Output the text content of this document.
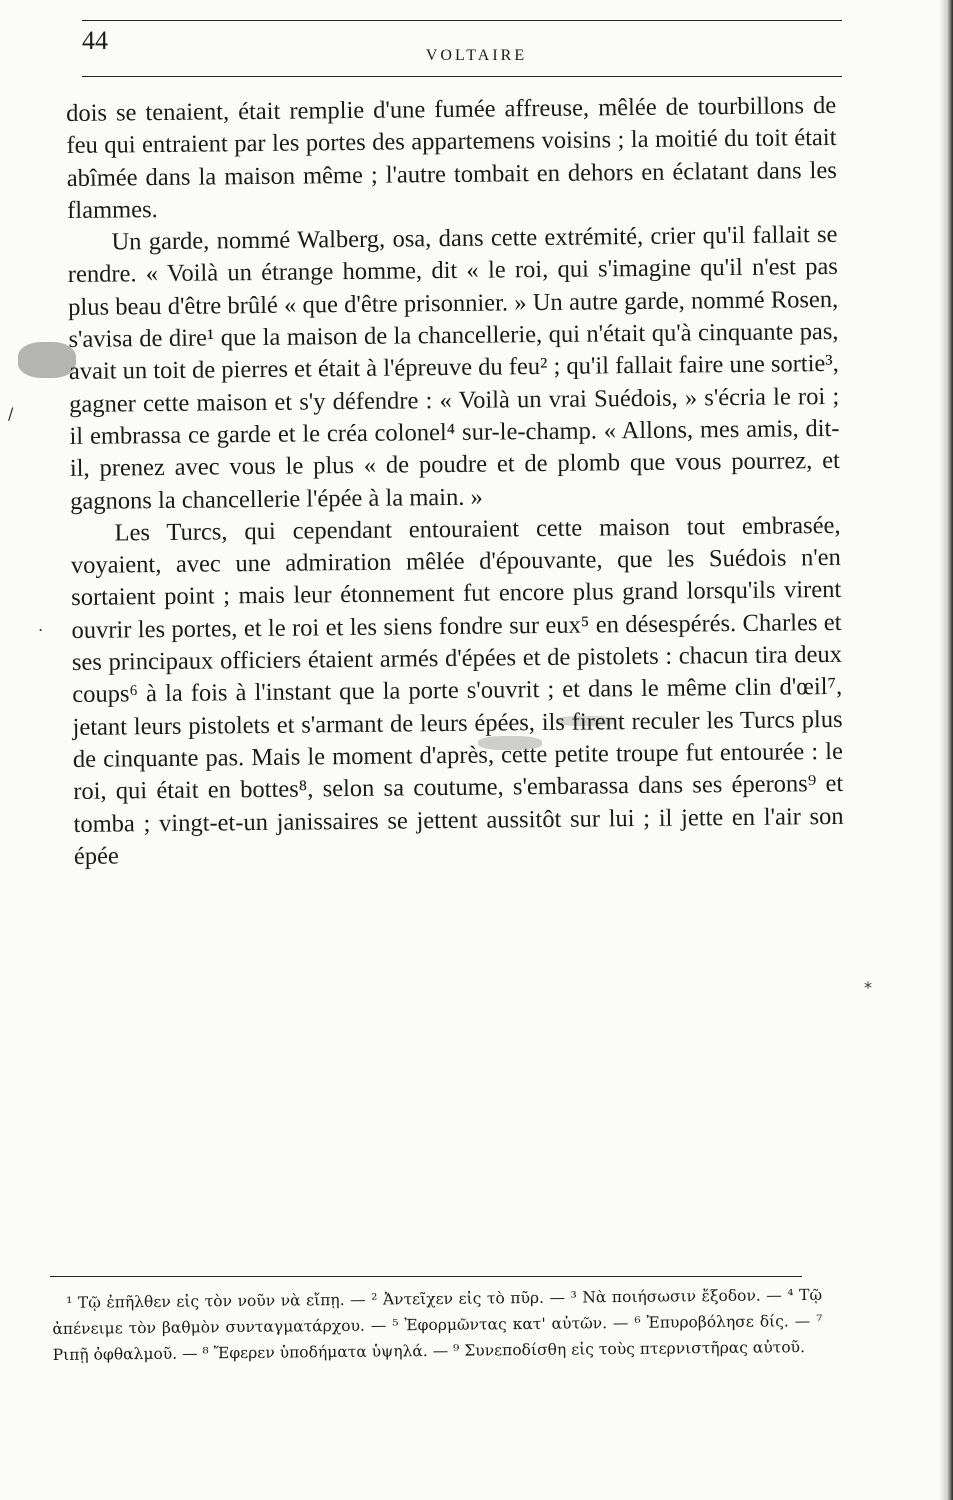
44
VOLTAIRE
/
.
*

dois se tenaient, était remplie d'une fumée affreuse, mêlée de tourbillons de feu qui entraient par les portes des appartemens voisins ; la moitié du toit était abîmée dans la maison même ; l'autre tombait en dehors en éclatant dans les flammes.

Un garde, nommé Walberg, osa, dans cette extrémité, crier qu'il fallait se rendre. « Voilà un étrange homme, dit « le roi, qui s'imagine qu'il n'est pas plus beau d'être brûlé « que d'être prisonnier. » Un autre garde, nommé Rosen, s'avisa de dire¹ que la maison de la chancellerie, qui n'était qu'à cinquante pas, avait un toit de pierres et était à l'épreuve du feu² ; qu'il fallait faire une sortie³, gagner cette maison et s'y défendre : « Voilà un vrai Suédois, » s'écria le roi ; il embrassa ce garde et le créa colonel⁴ sur-le-champ. « Allons, mes amis, dit-il, prenez avec vous le plus « de poudre et de plomb que vous pourrez, et gagnons la chancellerie l'épée à la main. »

Les Turcs, qui cependant entouraient cette maison tout embrasée, voyaient, avec une admiration mêlée d'épouvante, que les Suédois n'en sortaient point ; mais leur étonnement fut encore plus grand lorsqu'ils virent ouvrir les portes, et le roi et les siens fondre sur eux⁵ en désespérés. Charles et ses principaux officiers étaient armés d'épées et de pistolets : chacun tira deux coups⁶ à la fois à l'instant que la porte s'ouvrit ; et dans le même clin d'œil⁷, jetant leurs pistolets et s'armant de leurs épées, ils firent reculer les Turcs plus de cinquante pas. Mais le moment d'après, cette petite troupe fut entourée : le roi, qui était en bottes⁸, selon sa coutume, s'embarassa dans ses éperons⁹ et tomba ; vingt-et-un janissaires se jettent aussitôt sur lui ; il jette en l'air son épée

¹ Τῷ ἐπῆλθεν εἰς τὸν νοῦν νὰ εἴπῃ. — ² Ἀντεῖχεν εἰς τὸ πῦρ. — ³ Νὰ ποιήσωσιν ἔξοδον. — ⁴ Τῷ ἀπένειμε τὸν βαθμὸν συνταγματάρχου. — ⁵ Ἐφορμῶντας κατ' αὐτῶν. — ⁶ Ἐπυροβόλησε δίς. — ⁷ Ριπῇ ὀφθαλμοῦ. — ⁸ Ἔφερεν ὑποδήματα ὑψηλά. — ⁹ Συνεποδίσθη εἰς τοὺς πτερνιστῆρας αὐτοῦ.
